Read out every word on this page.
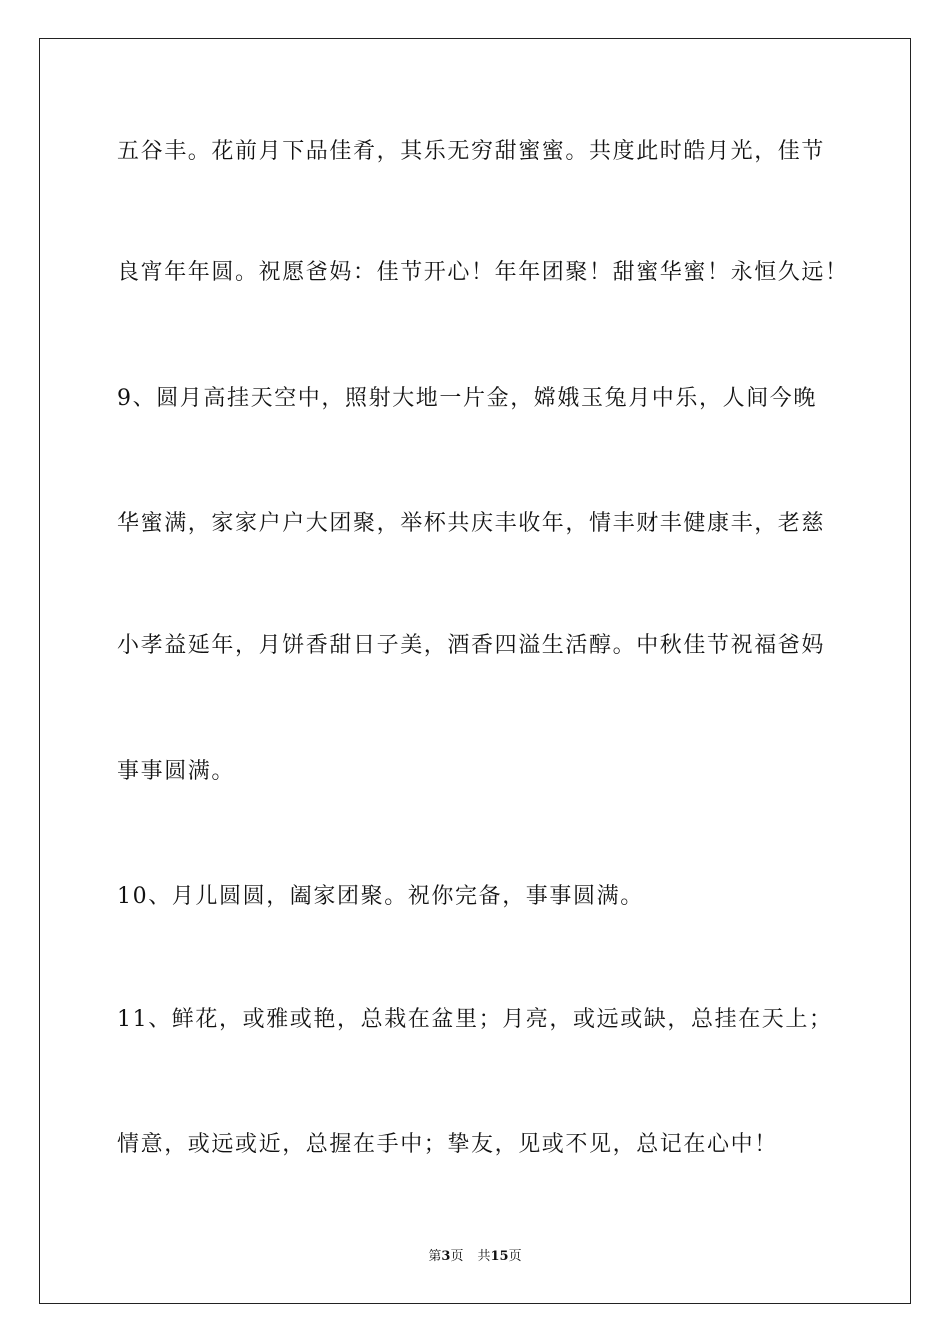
五谷丰。花前月下品佳肴，其乐无穷甜蜜蜜。共度此时皓月光，佳节
良宵年年圆。祝愿爸妈：佳节开心！年年团聚！甜蜜华蜜！永恒久远！
9、圆月高挂天空中，照射大地一片金，嫦娥玉兔月中乐，人间今晚
华蜜满，家家户户大团聚，举杯共庆丰收年，情丰财丰健康丰，老慈
小孝益延年，月饼香甜日子美，酒香四溢生活醇。中秋佳节祝福爸妈
事事圆满。
10、月儿圆圆，阖家团聚。祝你完备，事事圆满。
11、鲜花，或雅或艳，总栽在盆里；月亮，或远或缺，总挂在天上；
情意，或远或近，总握在手中；挚友，见或不见，总记在心中！
第3页 共15页
